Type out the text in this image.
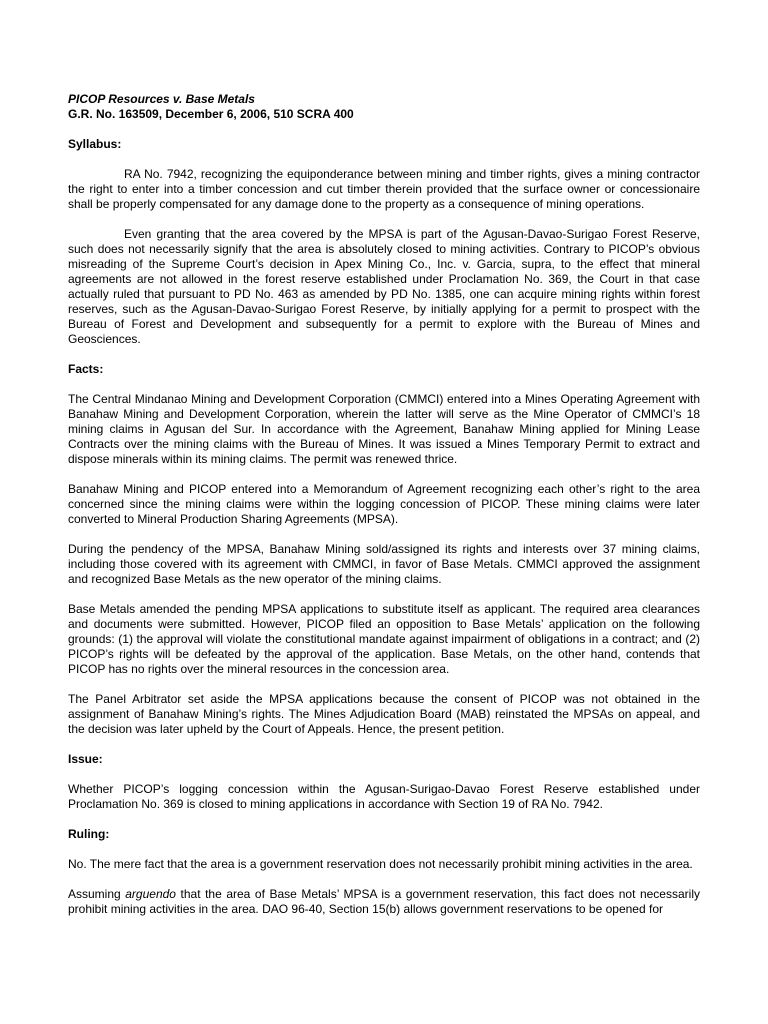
PICOP Resources v. Base Metals

G.R. No. 163509, December 6, 2006, 510 SCRA 400

Syllabus:

RA No. 7942, recognizing the equiponderance between mining and timber rights, gives a mining contractor the right to enter into a timber concession and cut timber therein provided that the surface owner or concessionaire shall be properly compensated for any damage done to the property as a consequence of mining operations.

Even granting that the area covered by the MPSA is part of the Agusan-Davao-Surigao Forest Reserve, such does not necessarily signify that the area is absolutely closed to mining activities. Contrary to PICOP’s obvious misreading of the Supreme Court’s decision in Apex Mining Co., Inc. v. Garcia, supra, to the effect that mineral agreements are not allowed in the forest reserve established under Proclamation No. 369, the Court in that case actually ruled that pursuant to PD No. 463 as amended by PD No. 1385, one can acquire mining rights within forest reserves, such as the Agusan-Davao-Surigao Forest Reserve, by initially applying for a permit to prospect with the Bureau of Forest and Development and subsequently for a permit to explore with the Bureau of Mines and Geosciences.

Facts:

The Central Mindanao Mining and Development Corporation (CMMCI) entered into a Mines Operating Agreement with Banahaw Mining and Development Corporation, wherein the latter will serve as the Mine Operator of CMMCI’s 18 mining claims in Agusan del Sur. In accordance with the Agreement, Banahaw Mining applied for Mining Lease Contracts over the mining claims with the Bureau of Mines. It was issued a Mines Temporary Permit to extract and dispose minerals within its mining claims. The permit was renewed thrice.

Banahaw Mining and PICOP entered into a Memorandum of Agreement recognizing each other’s right to the area concerned since the mining claims were within the logging concession of PICOP. These mining claims were later converted to Mineral Production Sharing Agreements (MPSA).

During the pendency of the MPSA, Banahaw Mining sold/assigned its rights and interests over 37 mining claims, including those covered with its agreement with CMMCI, in favor of Base Metals. CMMCI approved the assignment and recognized Base Metals as the new operator of the mining claims.

Base Metals amended the pending MPSA applications to substitute itself as applicant. The required area clearances and documents were submitted. However, PICOP filed an opposition to Base Metals’ application on the following grounds: (1) the approval will violate the constitutional mandate against impairment of obligations in a contract; and (2) PICOP’s rights will be defeated by the approval of the application. Base Metals, on the other hand, contends that PICOP has no rights over the mineral resources in the concession area.

The Panel Arbitrator set aside the MPSA applications because the consent of PICOP was not obtained in the assignment of Banahaw Mining’s rights. The Mines Adjudication Board (MAB) reinstated the MPSAs on appeal, and the decision was later upheld by the Court of Appeals. Hence, the present petition.

Issue:

Whether PICOP’s logging concession within the Agusan-Surigao-Davao Forest Reserve established under Proclamation No. 369 is closed to mining applications in accordance with Section 19 of RA No. 7942.

Ruling:

No. The mere fact that the area is a government reservation does not necessarily prohibit mining activities in the area.

Assuming arguendo that the area of Base Metals’ MPSA is a government reservation, this fact does not necessarily prohibit mining activities in the area. DAO 96-40, Section 15(b) allows government reservations to be opened for
